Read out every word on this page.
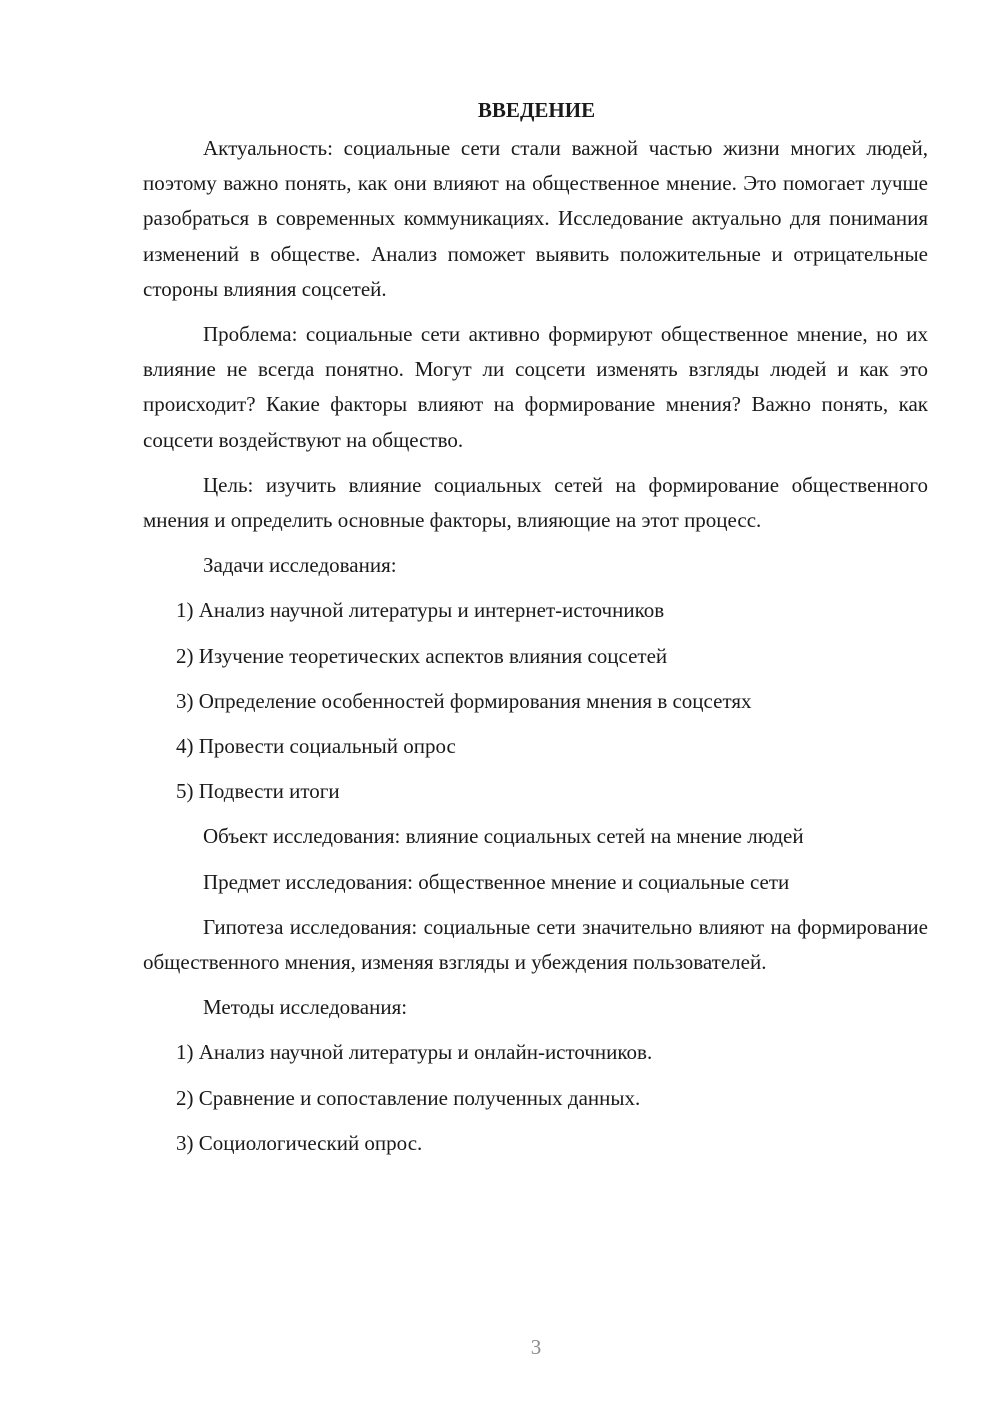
ВВЕДЕНИЕ

Актуальность: социальные сети стали важной частью жизни многих людей, поэтому важно понять, как они влияют на общественное мнение. Это помогает лучше разобраться в современных коммуникациях. Исследование актуально для понимания изменений в обществе. Анализ поможет выявить положительные и отрицательные стороны влияния соцсетей.

Проблема: социальные сети активно формируют общественное мнение, но их влияние не всегда понятно. Могут ли соцсети изменять взгляды людей и как это происходит? Какие факторы влияют на формирование мнения? Важно понять, как соцсети воздействуют на общество.

Цель: изучить влияние социальных сетей на формирование общественного мнения и определить основные факторы, влияющие на этот процесс.

Задачи исследования:

1) Анализ научной литературы и интернет-источников
2) Изучение теоретических аспектов влияния соцсетей
3) Определение особенностей формирования мнения в соцсетях
4) Провести социальный опрос
5) Подвести итоги

Объект исследования: влияние социальных сетей на мнение людей

Предмет исследования: общественное мнение и социальные сети

Гипотеза исследования: социальные сети значительно влияют на формирование общественного мнения, изменяя взгляды и убеждения пользователей.

Методы исследования:

1) Анализ научной литературы и онлайн-источников.
2) Сравнение и сопоставление полученных данных.
3) Социологический опрос.
3
